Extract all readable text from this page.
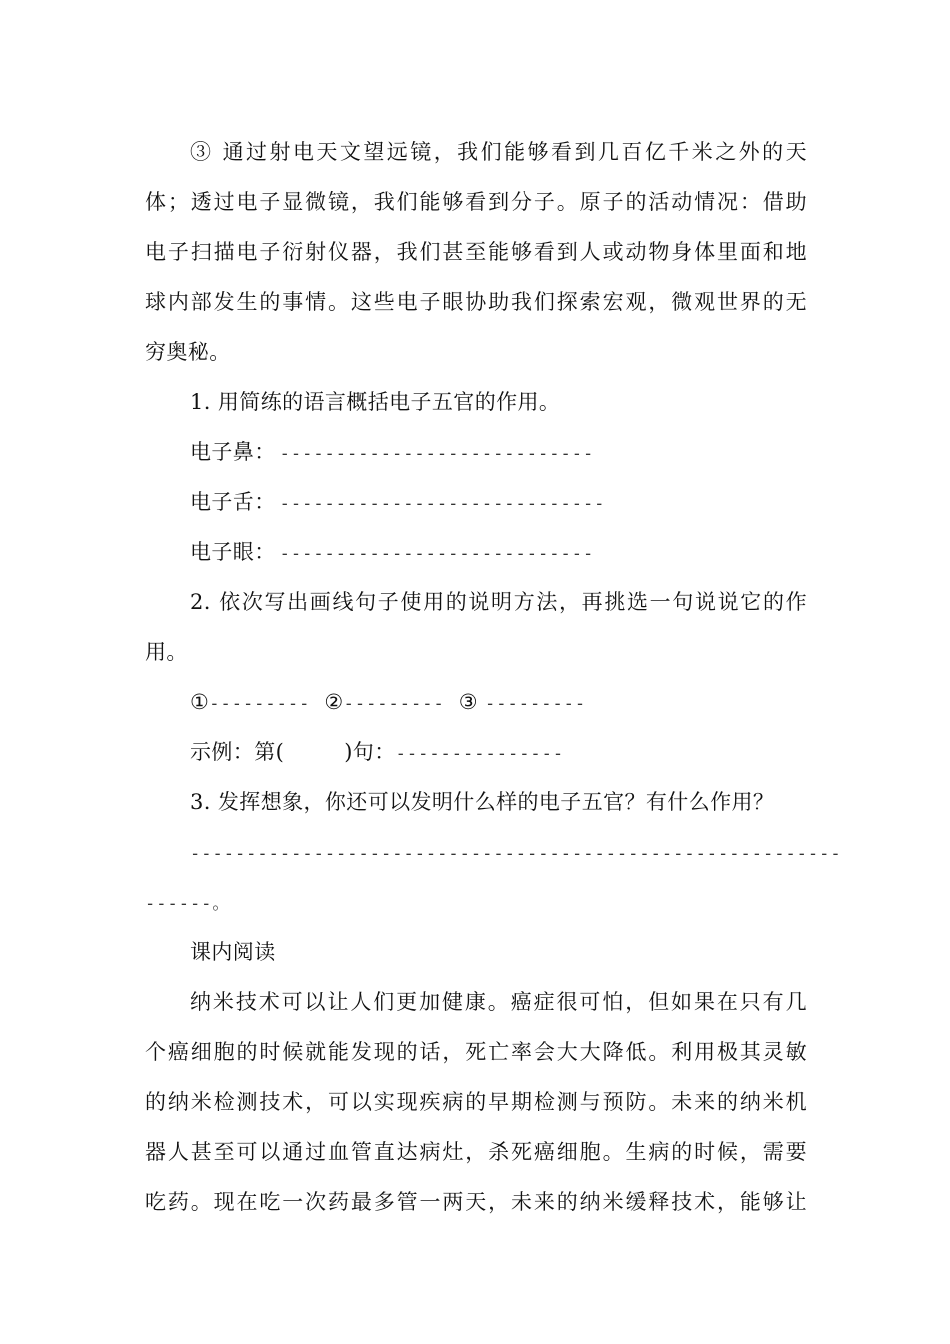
③ 通过射电天文望远镜，我们能够看到几百亿千米之外的天
体；透过电子显微镜，我们能够看到分子。原子的活动情况：借助
电子扫描电子衍射仪器，我们甚至能够看到人或动物身体里面和地
球内部发生的事情。这些电子眼协助我们探索宏观，微观世界的无
穷奥秘。
1. 用简练的语言概括电子五官的作用。
电子鼻： ----------------------------
电子舌： -----------------------------
电子眼： ----------------------------
2. 依次写出画线句子使用的说明方法，再挑选一句说说它的作
用。
①--------- ②--------- ③ ---------
示例：第(	)句：---------------
3. 发挥想象，你还可以发明什么样的电子五官？有什么作用？
----------------------------------------------------------
------。
课内阅读
纳米技术可以让人们更加健康。癌症很可怕，但如果在只有几
个癌细胞的时候就能发现的话，死亡率会大大降低。利用极其灵敏
的纳米检测技术，可以实现疾病的早期检测与预防。未来的纳米机
器人甚至可以通过血管直达病灶，杀死癌细胞。生病的时候，需要
吃药。现在吃一次药最多管一两天，未来的纳米缓释技术，能够让
